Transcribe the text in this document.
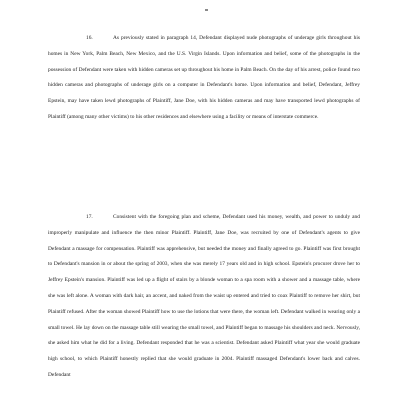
16.	As previously stated in paragraph 14, Defendant displayed nude photographs of underage girls throughout his homes in New York, Palm Beach, New Mexico, and the U.S. Virgin Islands. Upon information and belief, some of the photographs in the possession of Defendant were taken with hidden cameras set up throughout his home in Palm Beach. On the day of his arrest, police found two hidden cameras and photographs of underage girls on a computer in Defendant's home. Upon information and belief, Defendant, Jeffrey Epstein, may have taken lewd photographs of Plaintiff, Jane Doe, with his hidden cameras and may have transported lewd photographs of Plaintiff (among many other victims) to his other residences and elsewhere using a facility or means of interstate commerce.

17.	Consistent with the foregoing plan and scheme, Defendant used his money, wealth, and power to unduly and improperly manipulate and influence the then minor Plaintiff. Plaintiff, Jane Doe, was recruited by one of Defendant's agents to give Defendant a massage for compensation. Plaintiff was apprehensive, but needed the money and finally agreed to go. Plaintiff was first brought to Defendant's mansion in or about the spring of 2003, when she was merely 17 years old and in high school. Epstein's procurer drove her to Jeffrey Epstein's mansion. Plaintiff was led up a flight of stairs by a blonde woman to a spa room with a shower and a massage table, where she was left alone. A woman with dark hair, an accent, and naked from the waist up entered and tried to coax Plaintiff to remove her shirt, but Plaintiff refused. After the woman showed Plaintiff how to use the lotions that were there, the woman left. Defendant walked in wearing only a small towel. He lay down on the massage table still wearing the small towel, and Plaintiff began to massage his shoulders and neck. Nervously, she asked him what he did for a living. Defendant responded that he was a scientist. Defendant asked Plaintiff what year she would graduate high school, to which Plaintiff honestly replied that she would graduate in 2004. Plaintiff massaged Defendant's lower back and calves. Defendant
